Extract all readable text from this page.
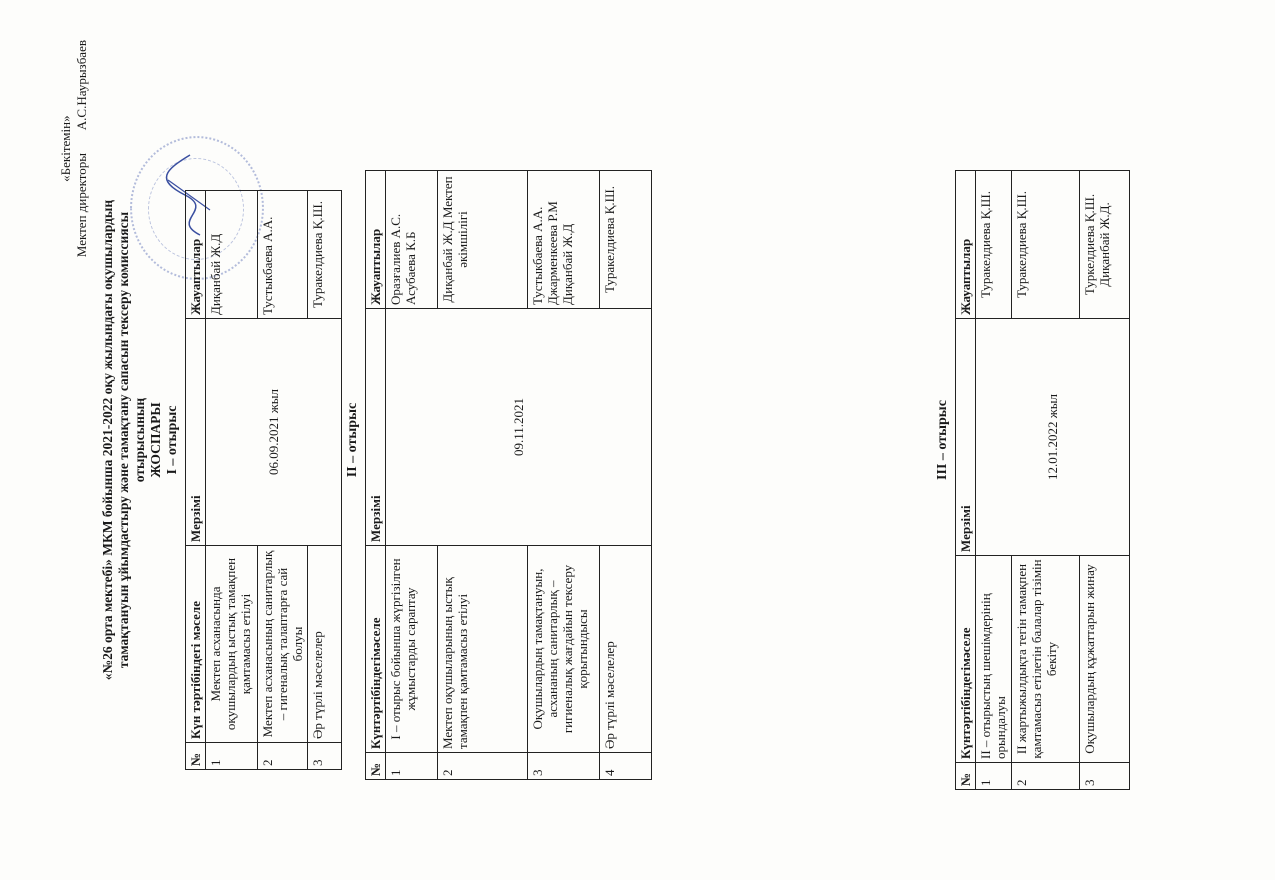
«Бекітемін»
Мектеп директоры       А.С.Наурызбаев
«№26 орта мектебі» МКМ бойынша 2021-2022 оқу жылындағы оқушылардың тамақтануын ұйымдастыру және тамақтану сапасын тексеру комиссиясы отырысының ЖОСПАРЫ І – отырыс
№	Күн тәртібіндегі мәселе	Мерзімі	Жауаптылар
1	Мектеп асханасында оқушылардың ыстық тамақпен қамтамасыз етілуі	06.09.2021 жыл	Диқанбай Ж.Д
2	Мектеп асханасының санитарлық – гигеналық талаптарға сай болуы		Тустыкбаева А.А.
3	Әр түрлі мәселелер		Туракелдиева Қ.Ш.
ІІ – отырыс
№	Күнтәртібіндегімәселе	Мерзімі	Жауаптылар
1	І – отырыс бойынша жүргізілген жұмыстарды сараптау	09.11.2021	Оразғалиев А.С. Асубаева К.Б
2	Мектеп оқушыларының ыстық тамақпен қамтамасыз етілуі		Диқанбай Ж.Д Мектеп әкімшілігі
3	Оқушылардың тамақтануын, асхананың санитарлық – гигиеналық жағдайын тексеру қорытындысы		Тустыкбаева А.А. Джарменкеева Р.М Диқанбай Ж.Д
4	Әр түрлі мәселелер		Туракелдиева Қ.Ш.
ІІІ – отырыс
№	Күнтәртібіндегімәселе	Мерзімі	Жауаптылар
1	ІІ – отырыстың шешімдерінің орындалуы	12.01.2022 жыл	Туракелдиева Қ.Ш.
2	ІІ жартыжылдықта тегін тамақпен қамтамасыз етілетін балалар тізімін бекіту		Туракелдиева Қ.Ш.
3	Оқушылардың құжаттарын жинау		Туркелдиева Қ.Ш. Диқанбай Ж.Д.
